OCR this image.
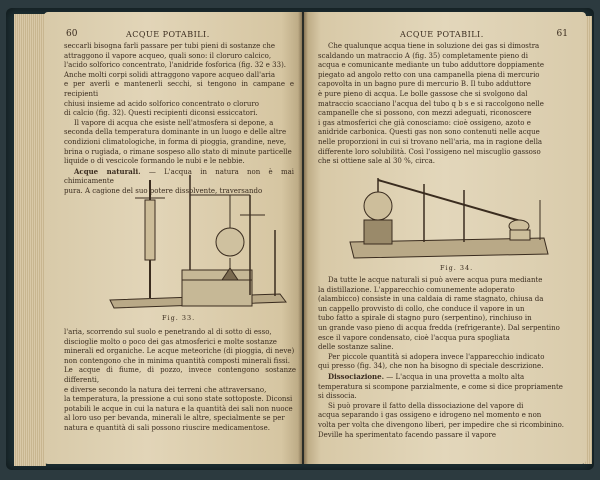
60	ACQUE POTABILI.

seccarli bisogna farli passare per tubi pieni di sostanze che

attraggono il vapore acqueo, quali sono: il cloruro calcico,

l'acido solforico concentrato, l'anidride fosforica (fig. 32 e 33).

Anche molti corpi solidi attraggono vapore acqueo dall'aria

e per averli e mantenerli secchi, si tengono in campane e recipienti

chiusi insieme ad acido solforico concentrato o cloruro

di calcio (fig. 32). Questi recipienti diconsi essiccatori.

Il vapore di acqua che esiste nell'atmosfera si depone, a

seconda della temperatura dominante in un luogo e delle altre

condizioni climatologiche, in forma di pioggia, grandine, neve,

brina o rugiada, o rimane sospeso allo stato di minute particelle

liquide o di vescicole formando le nubi e le nebbie.

Acque naturali. — L'acqua in natura non è mai chimicamente

pura. A cagione del suo potere dissolvente, traversando

Fig. 33.

l'aria, scorrendo sul suolo e penetrando al di sotto di esso,

discioglie molto o poco dei gas atmosferici e molte sostanze

minerali ed organiche. Le acque meteoriche (di pioggia, di neve)

non contengono che in minima quantità composti minerali fissi.

Le acque di fiume, di pozzo, invece contengono sostanze differenti,

e diverse secondo la natura dei terreni che attraversano,

la temperatura, la pressione a cui sono state sottoposte. Diconsi

potabili le acque in cui la natura e la quantità dei sali non nuoce

al loro uso per bevanda, minerali le altre, specialmente se per

natura e quantità di sali possono riuscire medicamentose.

ACQUE POTABILI.	61

Che qualunque acqua tiene in soluzione dei gas si dimostra

scaldando un matraccio A (fig. 35) completamente pieno di

acqua e comunicante mediante un tubo adduttore doppiamente

piegato ad angolo retto con una campanella piena di mercurio

capovolta in un bagno pure di mercurio B. Il tubo adduttore

è pure pieno di acqua. Le bolle gassose che si svolgono dal

matraccio scacciano l'acqua del tubo q b s e si raccolgono nelle

campanelle che si possono, con mezzi adeguati, riconoscere

i gas atmosferici che già conosciamo: cioè ossigeno, azoto e

anidride carbonica. Questi gas non sono contenuti nelle acque

nelle proporzioni in cui si trovano nell'aria, ma in ragione della

differente loro solubilità. Così l'ossigeno nel miscuglio gassoso

che si ottiene sale al 30 %, circa.

Fig. 34.

Da tutte le acque naturali si può avere acqua pura mediante

la distillazione. L'apparecchio comunemente adoperato

(alambicco) consiste in una caldaia di rame stagnato, chiusa da

un cappello provvisto di collo, che conduce il vapore in un

tubo fatto a spirale di stagno puro (serpentino), rinchiuso in

un grande vaso pieno di acqua fredda (refrigerante). Dal serpentino

esce il vapore condensato, cioè l'acqua pura spogliata

delle sostanze saline.

Per piccole quantità si adopera invece l'apparecchio indicato

qui presso (fig. 34), che non ha bisogno di speciale descrizione.

Dissociazione. — L'acqua in una provetta a molto alta

temperatura si scompone parzialmente, e come si dice propriamente

si dissocia.

Si può provare il fatto della dissociazione del vapore di

acqua separando i gas ossigeno e idrogeno nel momento e non

volta per volta che divengono liberi, per impedire che si ricombinino.

Deville ha sperimentato facendo passare il vapore
